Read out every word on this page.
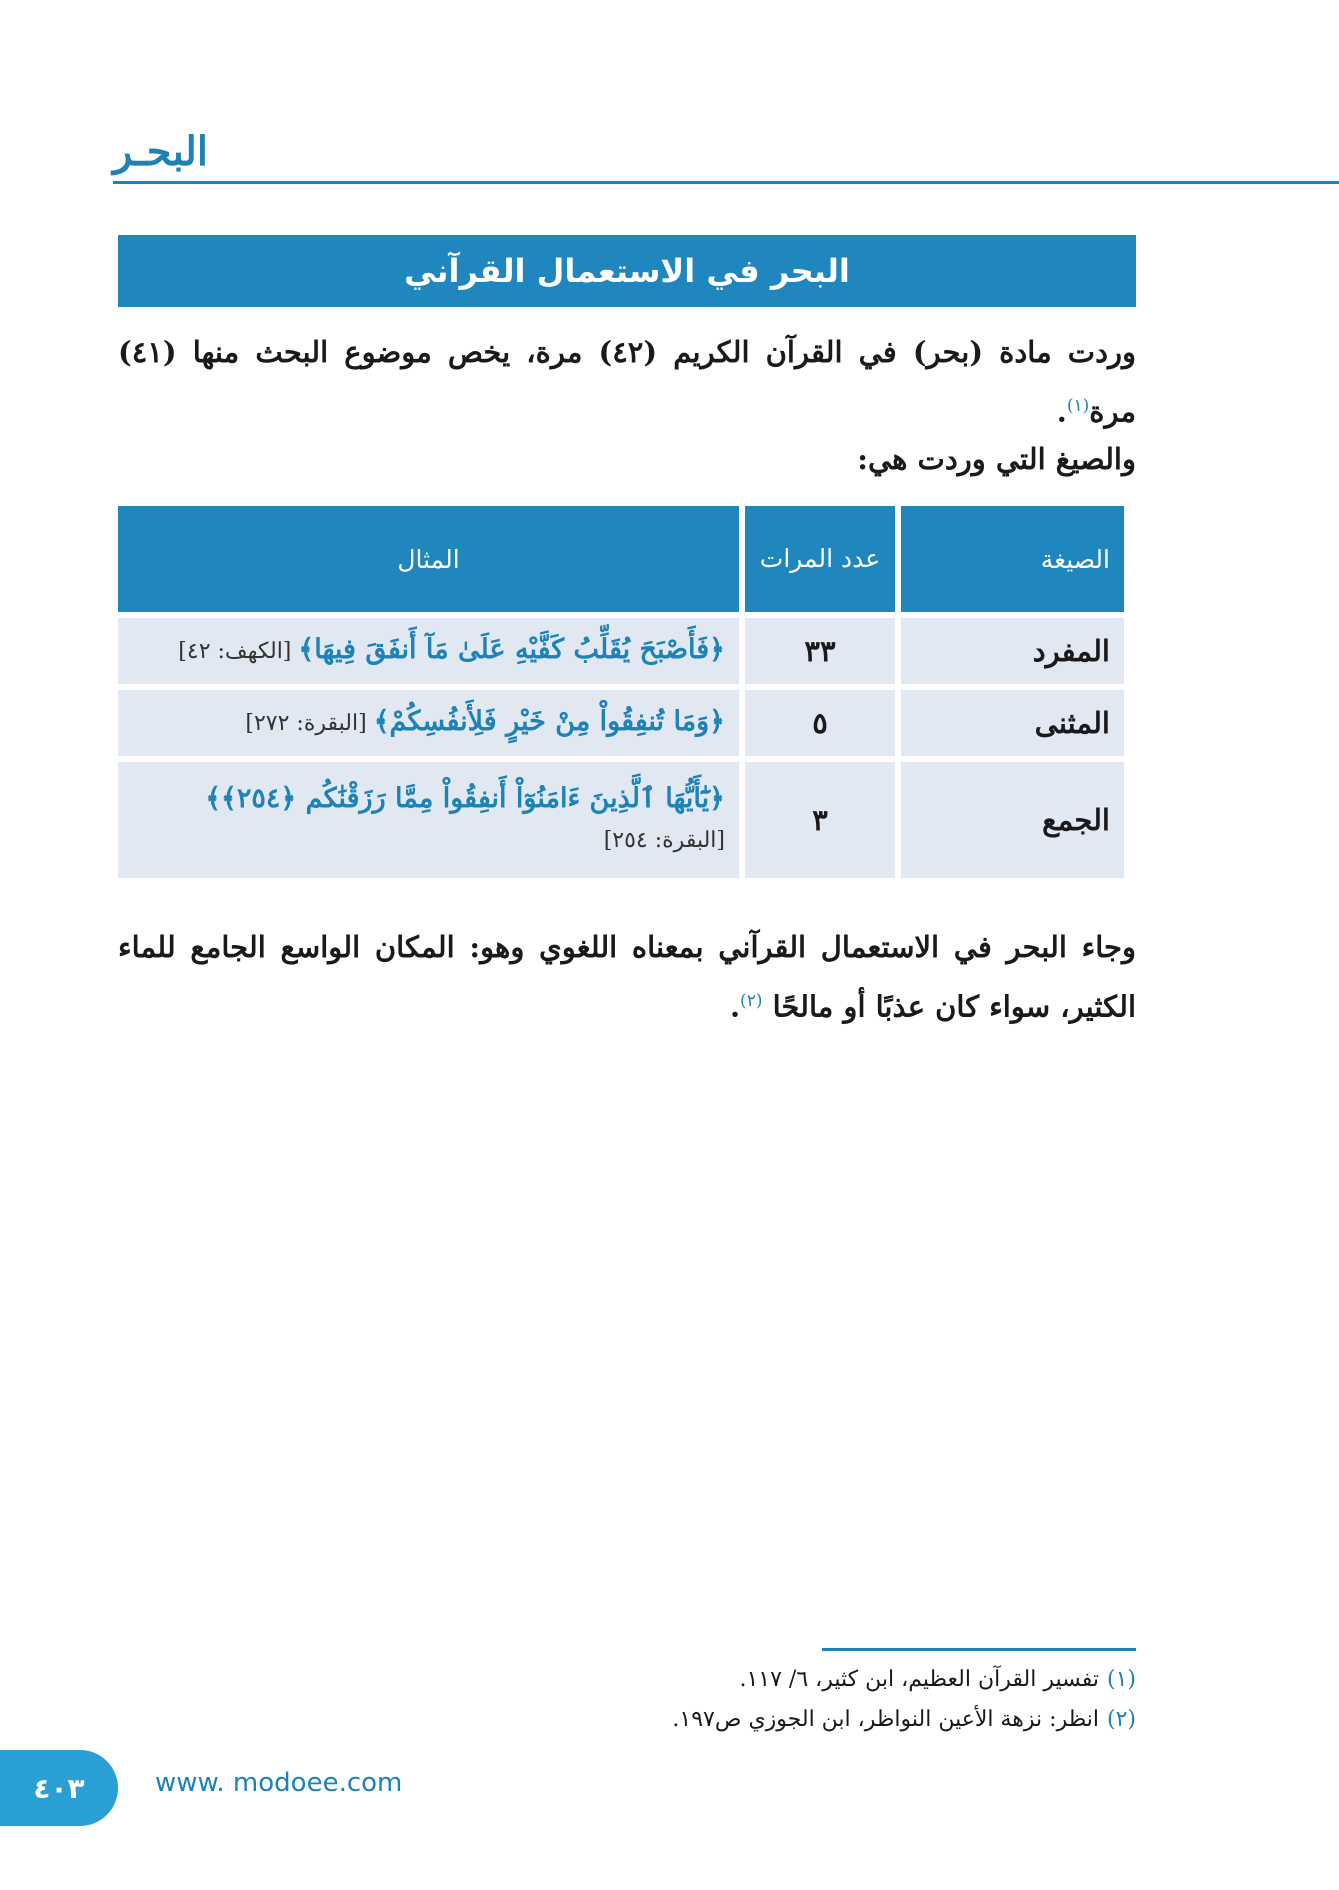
البحـر
البحر في الاستعمال القرآني

وردت مادة (بحر) في القرآن الكريم (٤٢) مرة، يخص موضوع البحث منها (٤١) مرة$^{(١)}$.

والصيغ التي وردت هي:

الصيغة	عدد المرات	المثال
المفرد	٣٣	﴿فَأَصْبَحَ يُقَلِّبُ كَفَّيْهِ عَلَىٰ مَآ أَنفَقَ فِيهَا﴾ [الكهف: ٤٢]
المثنى	٥	﴿وَمَا تُنفِقُواْ مِنْ خَيْرٍ فَلِأَنفُسِكُمْ﴾ [البقرة: ٢٧٢]
الجمع	٣	﴿يَٰٓأَيُّهَا ٱلَّذِينَ ءَامَنُوٓاْ أَنفِقُواْ مِمَّا رَزَقْنَٰكُم ﴿٢٥٤﴾﴾ [البقرة: ٢٥٤]

وجاء البحر في الاستعمال القرآني بمعناه اللغوي وهو: المكان الواسع الجامع للماء الكثير، سواء كان عذبًا أو مالحًا $^{(٢)}$.

(١)تفسير القرآن العظيم، ابن كثير، ٦/ ١١٧.
(٢)انظر: نزهة الأعين النواظر، ابن الجوزي ص١٩٧.
٤٠٣	www. modoee.com
